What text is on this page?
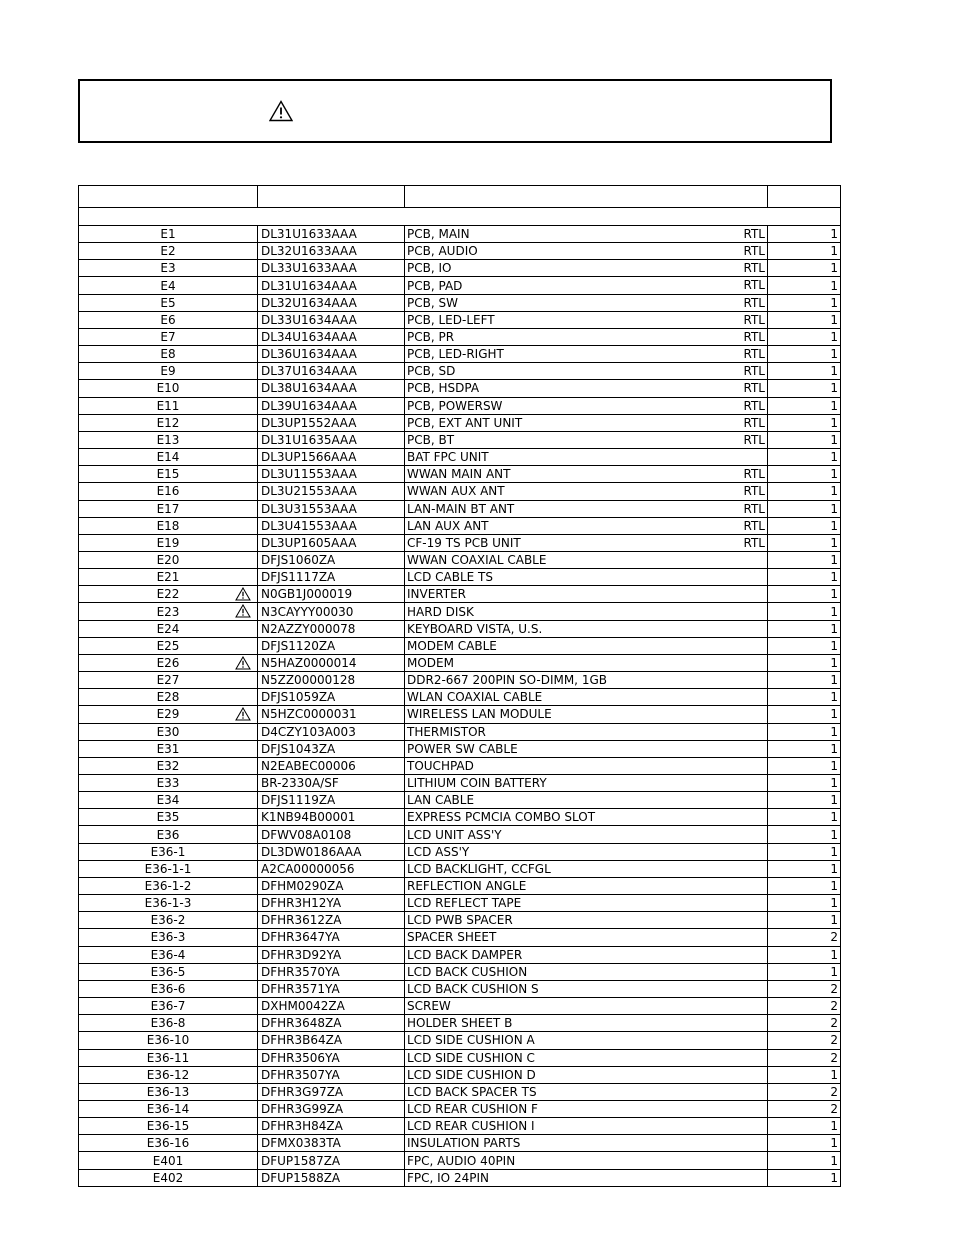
E1	DL31U1633AAA	PCB, MAIN RTL	1
E2	DL32U1633AAA	PCB, AUDIO RTL	1
E3	DL33U1633AAA	PCB, IO RTL	1
E4	DL31U1634AAA	PCB, PAD RTL	1
E5	DL32U1634AAA	PCB, SW RTL	1
E6	DL33U1634AAA	PCB, LED-LEFT RTL	1
E7	DL34U1634AAA	PCB, PR RTL	1
E8	DL36U1634AAA	PCB, LED-RIGHT RTL	1
E9	DL37U1634AAA	PCB, SD RTL	1
E10	DL38U1634AAA	PCB, HSDPA RTL	1
E11	DL39U1634AAA	PCB, POWERSW RTL	1
E12	DL3UP1552AAA	PCB, EXT ANT UNIT RTL	1
E13	DL31U1635AAA	PCB, BT RTL	1
E14	DL3UP1566AAA	BAT FPC UNIT	1
E15	DL3U11553AAA	WWAN MAIN ANT RTL	1
E16	DL3U21553AAA	WWAN AUX ANT RTL	1
E17	DL3U31553AAA	LAN-MAIN BT ANT RTL	1
E18	DL3U41553AAA	LAN AUX ANT RTL	1
E19	DL3UP1605AAA	CF-19 TS PCB UNIT RTL	1
E20	DFJS1060ZA	WWAN COAXIAL CABLE	1
E21	DFJS1117ZA	LCD CABLE TS	1
E22	N0GB1J000019	INVERTER	1
E23	N3CAYYY00030	HARD DISK	1
E24	N2AZZY000078	KEYBOARD VISTA, U.S.	1
E25	DFJS1120ZA	MODEM CABLE	1
E26	N5HAZ0000014	MODEM	1
E27	N5ZZ00000128	DDR2-667 200PIN SO-DIMM, 1GB	1
E28	DFJS1059ZA	WLAN COAXIAL CABLE	1
E29	N5HZC0000031	WIRELESS LAN MODULE	1
E30	D4CZY103A003	THERMISTOR	1
E31	DFJS1043ZA	POWER SW CABLE	1
E32	N2EABEC00006	TOUCHPAD	1
E33	BR-2330A/SF	LITHIUM COIN BATTERY	1
E34	DFJS1119ZA	LAN CABLE	1
E35	K1NB94B00001	EXPRESS PCMCIA COMBO SLOT	1
E36	DFWV08A0108	LCD UNIT ASS'Y	1
E36-1	DL3DW0186AAA	LCD ASS'Y	1
E36-1-1	A2CA00000056	LCD BACKLIGHT, CCFGL	1
E36-1-2	DFHM0290ZA	REFLECTION ANGLE	1
E36-1-3	DFHR3H12YA	LCD REFLECT TAPE	1
E36-2	DFHR3612ZA	LCD PWB SPACER	1
E36-3	DFHR3647YA	SPACER SHEET	2
E36-4	DFHR3D92YA	LCD BACK DAMPER	1
E36-5	DFHR3570YA	LCD BACK CUSHION	1
E36-6	DFHR3571YA	LCD BACK CUSHION S	2
E36-7	DXHM0042ZA	SCREW	2
E36-8	DFHR3648ZA	HOLDER SHEET B	2
E36-10	DFHR3B64ZA	LCD SIDE CUSHION A	2
E36-11	DFHR3506YA	LCD SIDE CUSHION C	2
E36-12	DFHR3507YA	LCD SIDE CUSHION D	1
E36-13	DFHR3G97ZA	LCD BACK SPACER TS	2
E36-14	DFHR3G99ZA	LCD REAR CUSHION F	2
E36-15	DFHR3H84ZA	LCD REAR CUSHION I	1
E36-16	DFMX0383TA	INSULATION PARTS	1
E401	DFUP1587ZA	FPC, AUDIO 40PIN	1
E402	DFUP1588ZA	FPC, IO 24PIN	1
